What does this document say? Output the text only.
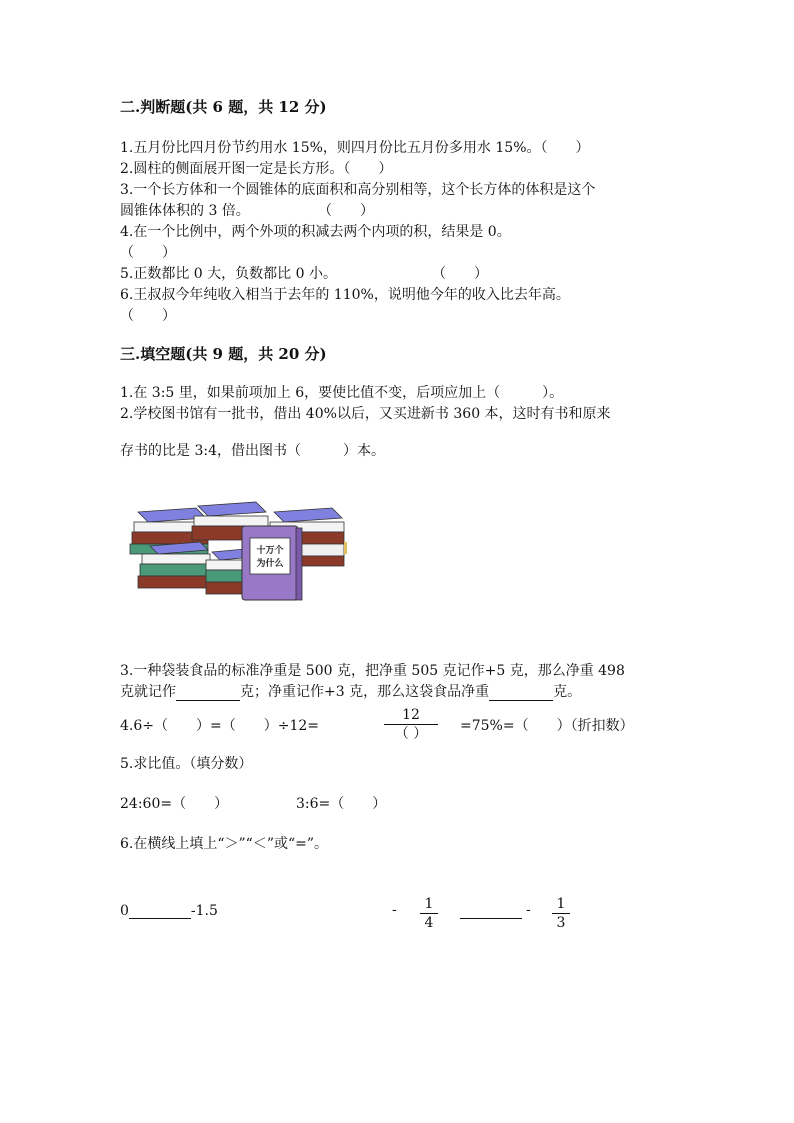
二.判断题(共 6 题，共 12 分)
1.五月份比四月份节约用水 15%，则四月份比五月份多用水 15%。（　　）
2.圆柱的侧面展开图一定是长方形。（　　）
3.一个长方体和一个圆锥体的底面积和高分别相等，这个长方体的体积是这个
圆锥体体积的 3 倍。	（　　）
4.在一个比例中，两个外项的积减去两个内项的积，结果是 0。
（　　）
5.正数都比 0 大，负数都比 0 小。	（　　）
6.王叔叔今年纯收入相当于去年的 110%，说明他今年的收入比去年高。
（　　）
三.填空题(共 9 题，共 20 分)
1.在 3:5 里，如果前项加上 6，要使比值不变，后项应加上（　　　）。
2.学校图书馆有一批书，借出 40%以后，又买进新书 360 本，这时有书和原来
存书的比是 3:4，借出图书（　　　）本。
十万个
为什么
3.一种袋装食品的标准净重是 500 克，把净重 505 克记作+5 克，那么净重 498
克就记作	克；净重记作+3 克，那么这袋食品净重	克。
4.6÷（　　）=（　　）÷12=
12
（ ）	=75%=（　　）（折扣数）
5.求比值。（填分数）
24:60=（　　）	3:6=（　　）
6.在横线上填上“＞”“＜”或“=”。
0	-1.5	-	1
4

-	1
3
